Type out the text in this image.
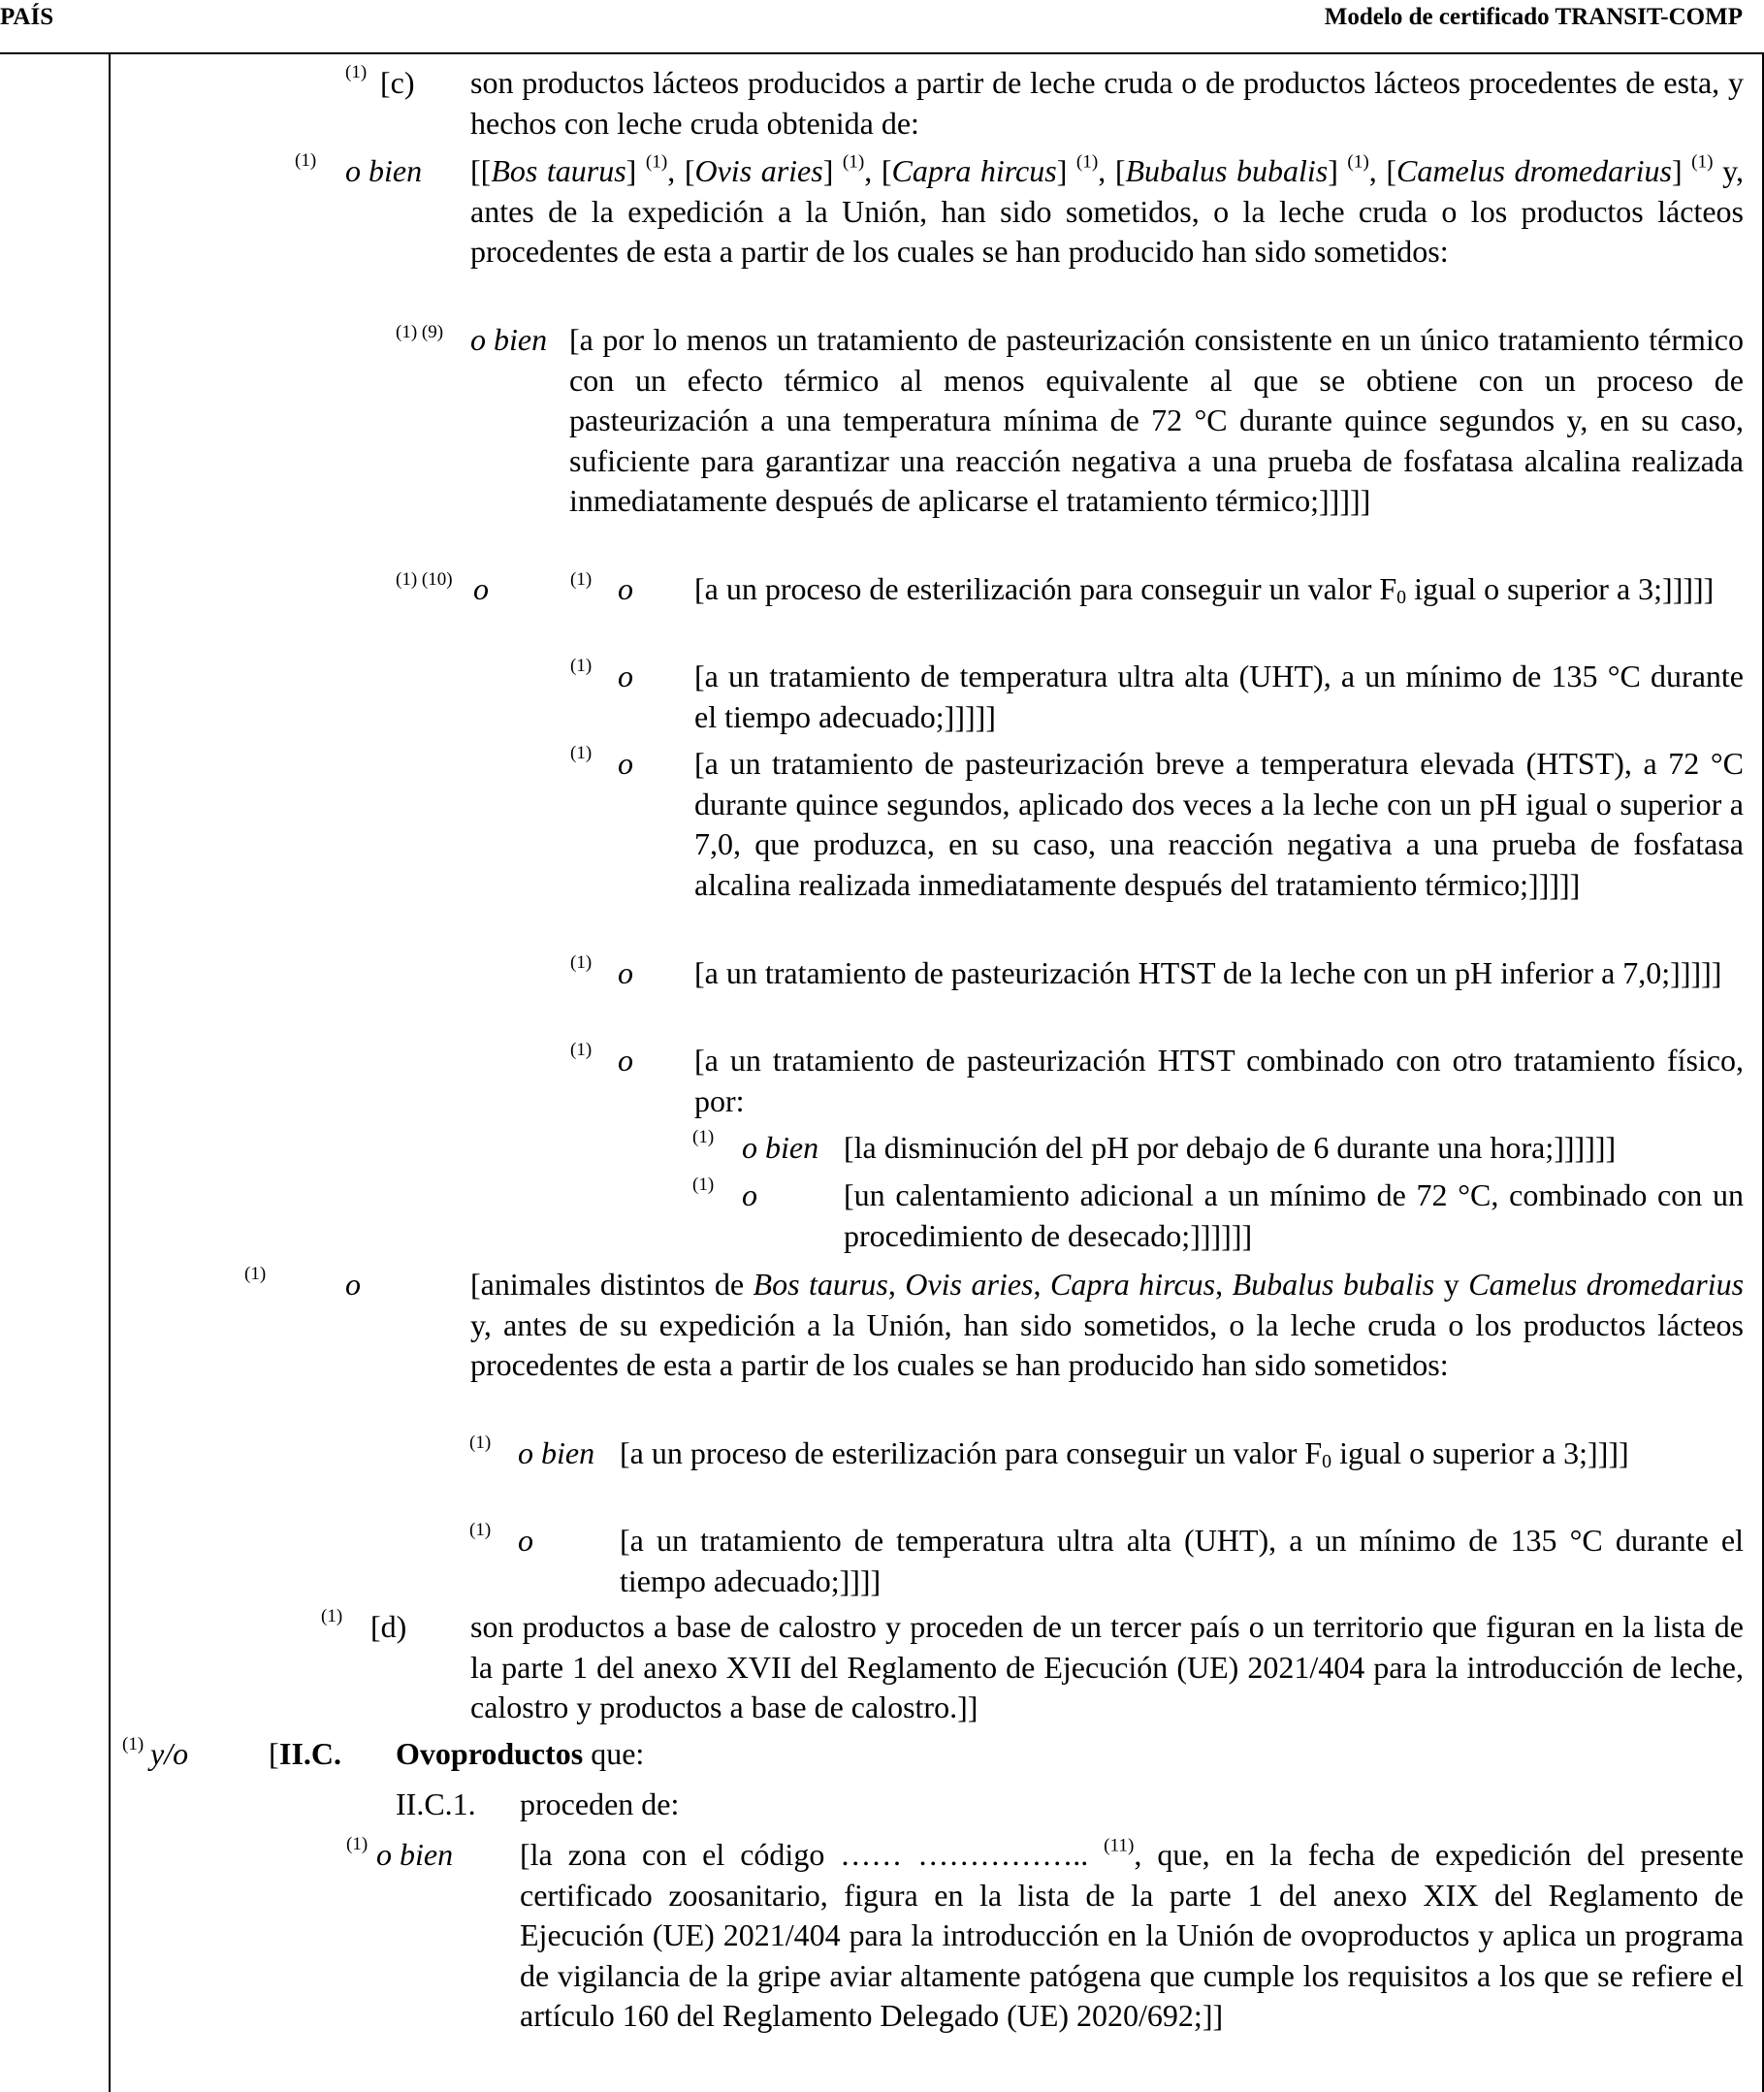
PAÍS	Modelo de certificado TRANSIT-COMP
(1) [c) son productos lácteos producidos a partir de leche cruda o de productos lácteos procedentes de esta, y hechos con leche cruda obtenida de:
(1) o bien [[Bos taurus] $^{(1)}$, [Ovis aries] $^{(1)}$, [Capra hircus] $^{(1)}$, [Bubalus bubalis] $^{(1)}$, [Camelus dromedarius] $^{(1)}$ y, antes de la expedición a la Unión, han sido sometidos, o la leche cruda o los productos lácteos procedentes de esta a partir de los cuales se han producido han sido sometidos:
(1) (9) o bien [a por lo menos un tratamiento de pasteurización consistente en un único tratamiento térmico con un efecto térmico al menos equivalente al que se obtiene con un proceso de pasteurización a una temperatura mínima de 72 °C durante quince segundos y, en su caso, suficiente para garantizar una reacción negativa a una prueba de fosfatasa alcalina realizada inmediatamente después de aplicarse el tratamiento térmico;]]]]]
(1) (10) o	(1) o [a un proceso de esterilización para conseguir un valor $F_0$ igual o superior a 3;]]]]]
(1) o [a un tratamiento de temperatura ultra alta (UHT), a un mínimo de 135 °C durante el tiempo adecuado;]]]]]
(1) o [a un tratamiento de pasteurización breve a temperatura elevada (HTST), a 72 °C durante quince segundos, aplicado dos veces a la leche con un pH igual o superior a 7,0, que produzca, en su caso, una reacción negativa a una prueba de fosfatasa alcalina realizada inmediatamente después del tratamiento térmico;]]]]]
(1) o [a un tratamiento de pasteurización HTST de la leche con un pH inferior a 7,0;]]]]]
(1) o [a un tratamiento de pasteurización HTST combinado con otro tratamiento físico, por:
(1) o bien [la disminución del pH por debajo de 6 durante una hora;]]]]]]
(1) o	[un calentamiento adicional a un mínimo de 72 °C, combinado con un procedimiento de desecado;]]]]]]
(1)	o	[animales distintos de Bos taurus, Ovis aries, Capra hircus, Bubalus bubalis y Camelus dromedarius y, antes de su expedición a la Unión, han sido sometidos, o la leche cruda o los productos lácteos procedentes de esta a partir de los cuales se han producido han sido sometidos:
(1) o bien [a un proceso de esterilización para conseguir un valor $F_0$ igual o superior a 3;]]]]
(1) o	[a un tratamiento de temperatura ultra alta (UHT), a un mínimo de 135 °C durante el tiempo adecuado;]]]]
(1) [d) son productos a base de calostro y proceden de un tercer país o un territorio que figuran en la lista de la parte 1 del anexo XVII del Reglamento de Ejecución (UE) 2021/404 para la introducción de leche, calostro y productos a base de calostro.]]
(1) y/o	[ II.C. Ovoproductos que:
II.C.1. proceden de:
(1) o bien [la zona con el código …… …………….. $^{(11)}$, que, en la fecha de expedición del presente certificado zoosanitario, figura en la lista de la parte 1 del anexo XIX del Reglamento de Ejecución (UE) 2021/404 para la introducción en la Unión de ovoproductos y aplica un programa de vigilancia de la gripe aviar altamente patógena que cumple los requisitos a los que se refiere el artículo 160 del Reglamento Delegado (UE) 2020/692;]]
